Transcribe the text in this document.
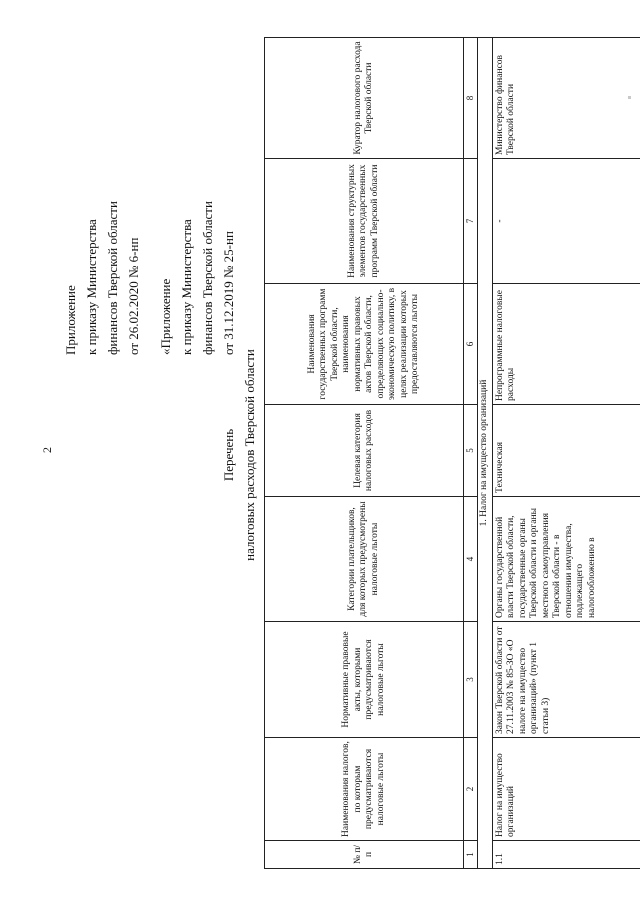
2
Приложение к приказу Министерства финансов Тверской области от 26.02.2020 № 6-нп «Приложение к приказу Министерства финансов Тверской области от 31.12.2019 № 25-нп
Перечень налоговых расходов Тверской области
№ п/п	Наименования налогов, по которым предусматриваются налоговые льготы	Нормативные правовые акты, которыми предусматриваются налоговые льготы	Категории плательщиков, для которых предусмотрены налоговые льготы	Целевая категория налоговых расходов	Наименования государственных программ Тверской области, наименования нормативных правовых актов Тверской области, определяющих социально-экономическую политику, в целях реализации которых предоставляются льготы	Наименования структурных элементов государственных программ Тверской области	Куратор налогового расхода Тверской области
1	2	3	4	5	6	7	8
1. Налог на имущество организаций							
1.1	Налог на имущество организаций	Закон Тверской области от 27.11.2003 № 85-ЗО «О налоге на имущество организаций» (пункт 1 статьи 3)	Органы государственной власти Тверской области, государственные органы Тверской области и органы местного самоуправления Тверской области - в отношении имущества, подлежащего налогообложению в	Техническая	Непрограммные налоговые расходы	-	Министерство финансов Тверской области
